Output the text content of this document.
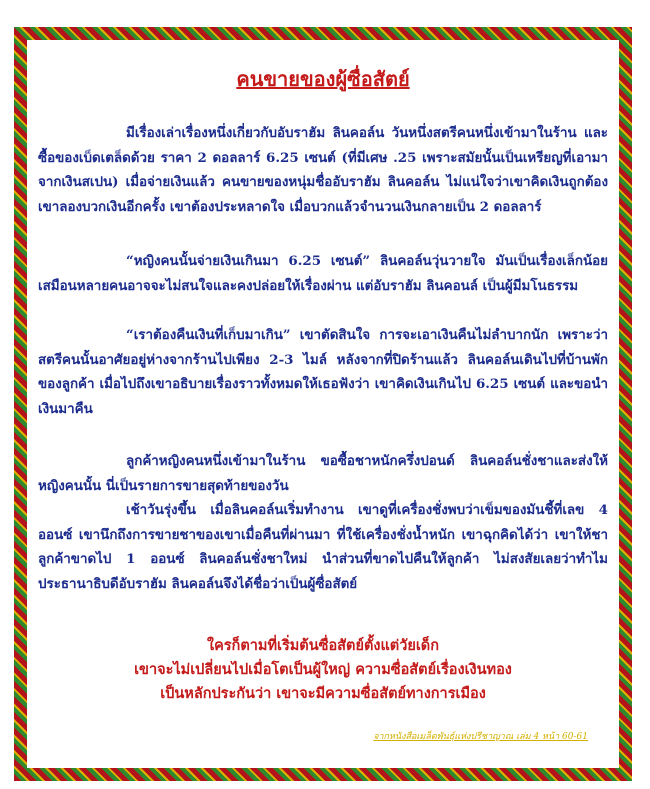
คนขายของผู้ซื่อสัตย์

มีเรื่องเล่าเรื่องหนึ่งเกี่ยวกับอับราฮัม ลินคอล์น วันหนึ่งสตรีคนหนึ่งเข้ามาในร้าน และซื้อของเบ็ดเตล็ดด้วย ราคา 2 ดอลลาร์ 6.25 เซนต์ (ที่มีเศษ .25 เพราะสมัยนั้นเป็นเหรียญที่เอามาจากเงินสเปน) เมื่อจ่ายเงินแล้ว คนขายของหนุ่มชื่ออับราฮัม ลินคอล์น ไม่แน่ใจว่าเขาคิดเงินถูกต้อง เขาลองบวกเงินอีกครั้ง เขาต้องประหลาดใจ เมื่อบวกแล้วจำนวนเงินกลายเป็น 2 ดอลลาร์

“หญิงคนนั้นจ่ายเงินเกินมา 6.25 เซนต์” ลินคอล์นวุ่นวายใจ มันเป็นเรื่องเล็กน้อย เสมือนหลายคนอาจจะไม่สนใจและคงปล่อยให้เรื่องผ่าน แต่อับราฮัม ลินคอนล์ เป็นผู้มีมโนธรรม

“เราต้องคืนเงินที่เก็บมาเกิน” เขาตัดสินใจ การจะเอาเงินคืนไม่ลำบากนัก เพราะว่าสตรีคนนั้นอาศัยอยู่ห่างจากร้านไปเพียง 2-3 ไมล์ หลังจากที่ปิดร้านแล้ว ลินคอล์นเดินไปที่บ้านพักของลูกค้า เมื่อไปถึงเขาอธิบายเรื่องราวทั้งหมดให้เธอฟังว่า เขาคิดเงินเกินไป 6.25 เซนต์ และขอนำเงินมาคืน

ลูกค้าหญิงคนหนึ่งเข้ามาในร้าน ขอซื้อชาหนักครึ่งปอนด์ ลินคอล์นชั่งชาและส่งให้หญิงคนนั้น นี่เป็นรายการขายสุดท้ายของวัน

เช้าวันรุ่งขึ้น เมื่อลินคอล์นเริ่มทำงาน เขาดูที่เครื่องชั่งพบว่าเข็มของมันชี้ที่เลข 4 ออนซ์ เขานึกถึงการขายชาของเขาเมื่อคืนที่ผ่านมา ที่ใช้เครื่องชั่งน้ำหนัก เขาฉุกคิดได้ว่า เขาให้ชาลูกค้าขาดไป 1 ออนซ์ ลินคอล์นชั่งชาใหม่ นำส่วนที่ขาดไปคืนให้ลูกค้า ไม่สงสัยเลยว่าทำไมประธานาธิบดีอับราฮัม ลินคอล์นจึงได้ชื่อว่าเป็นผู้ซื่อสัตย์

ใครก็ตามที่เริ่มต้นซื่อสัตย์ตั้งแต่วัยเด็ก

เขาจะไม่เปลี่ยนไปเมื่อโตเป็นผู้ใหญ่ ความซื่อสัตย์เรื่องเงินทอง

เป็นหลักประกันว่า เขาจะมีความซื่อสัตย์ทางการเมือง

จากหนังสือเมล็ดพันธุ์แห่งปรีชาญาณ เล่ม 4 หน้า 60-61
